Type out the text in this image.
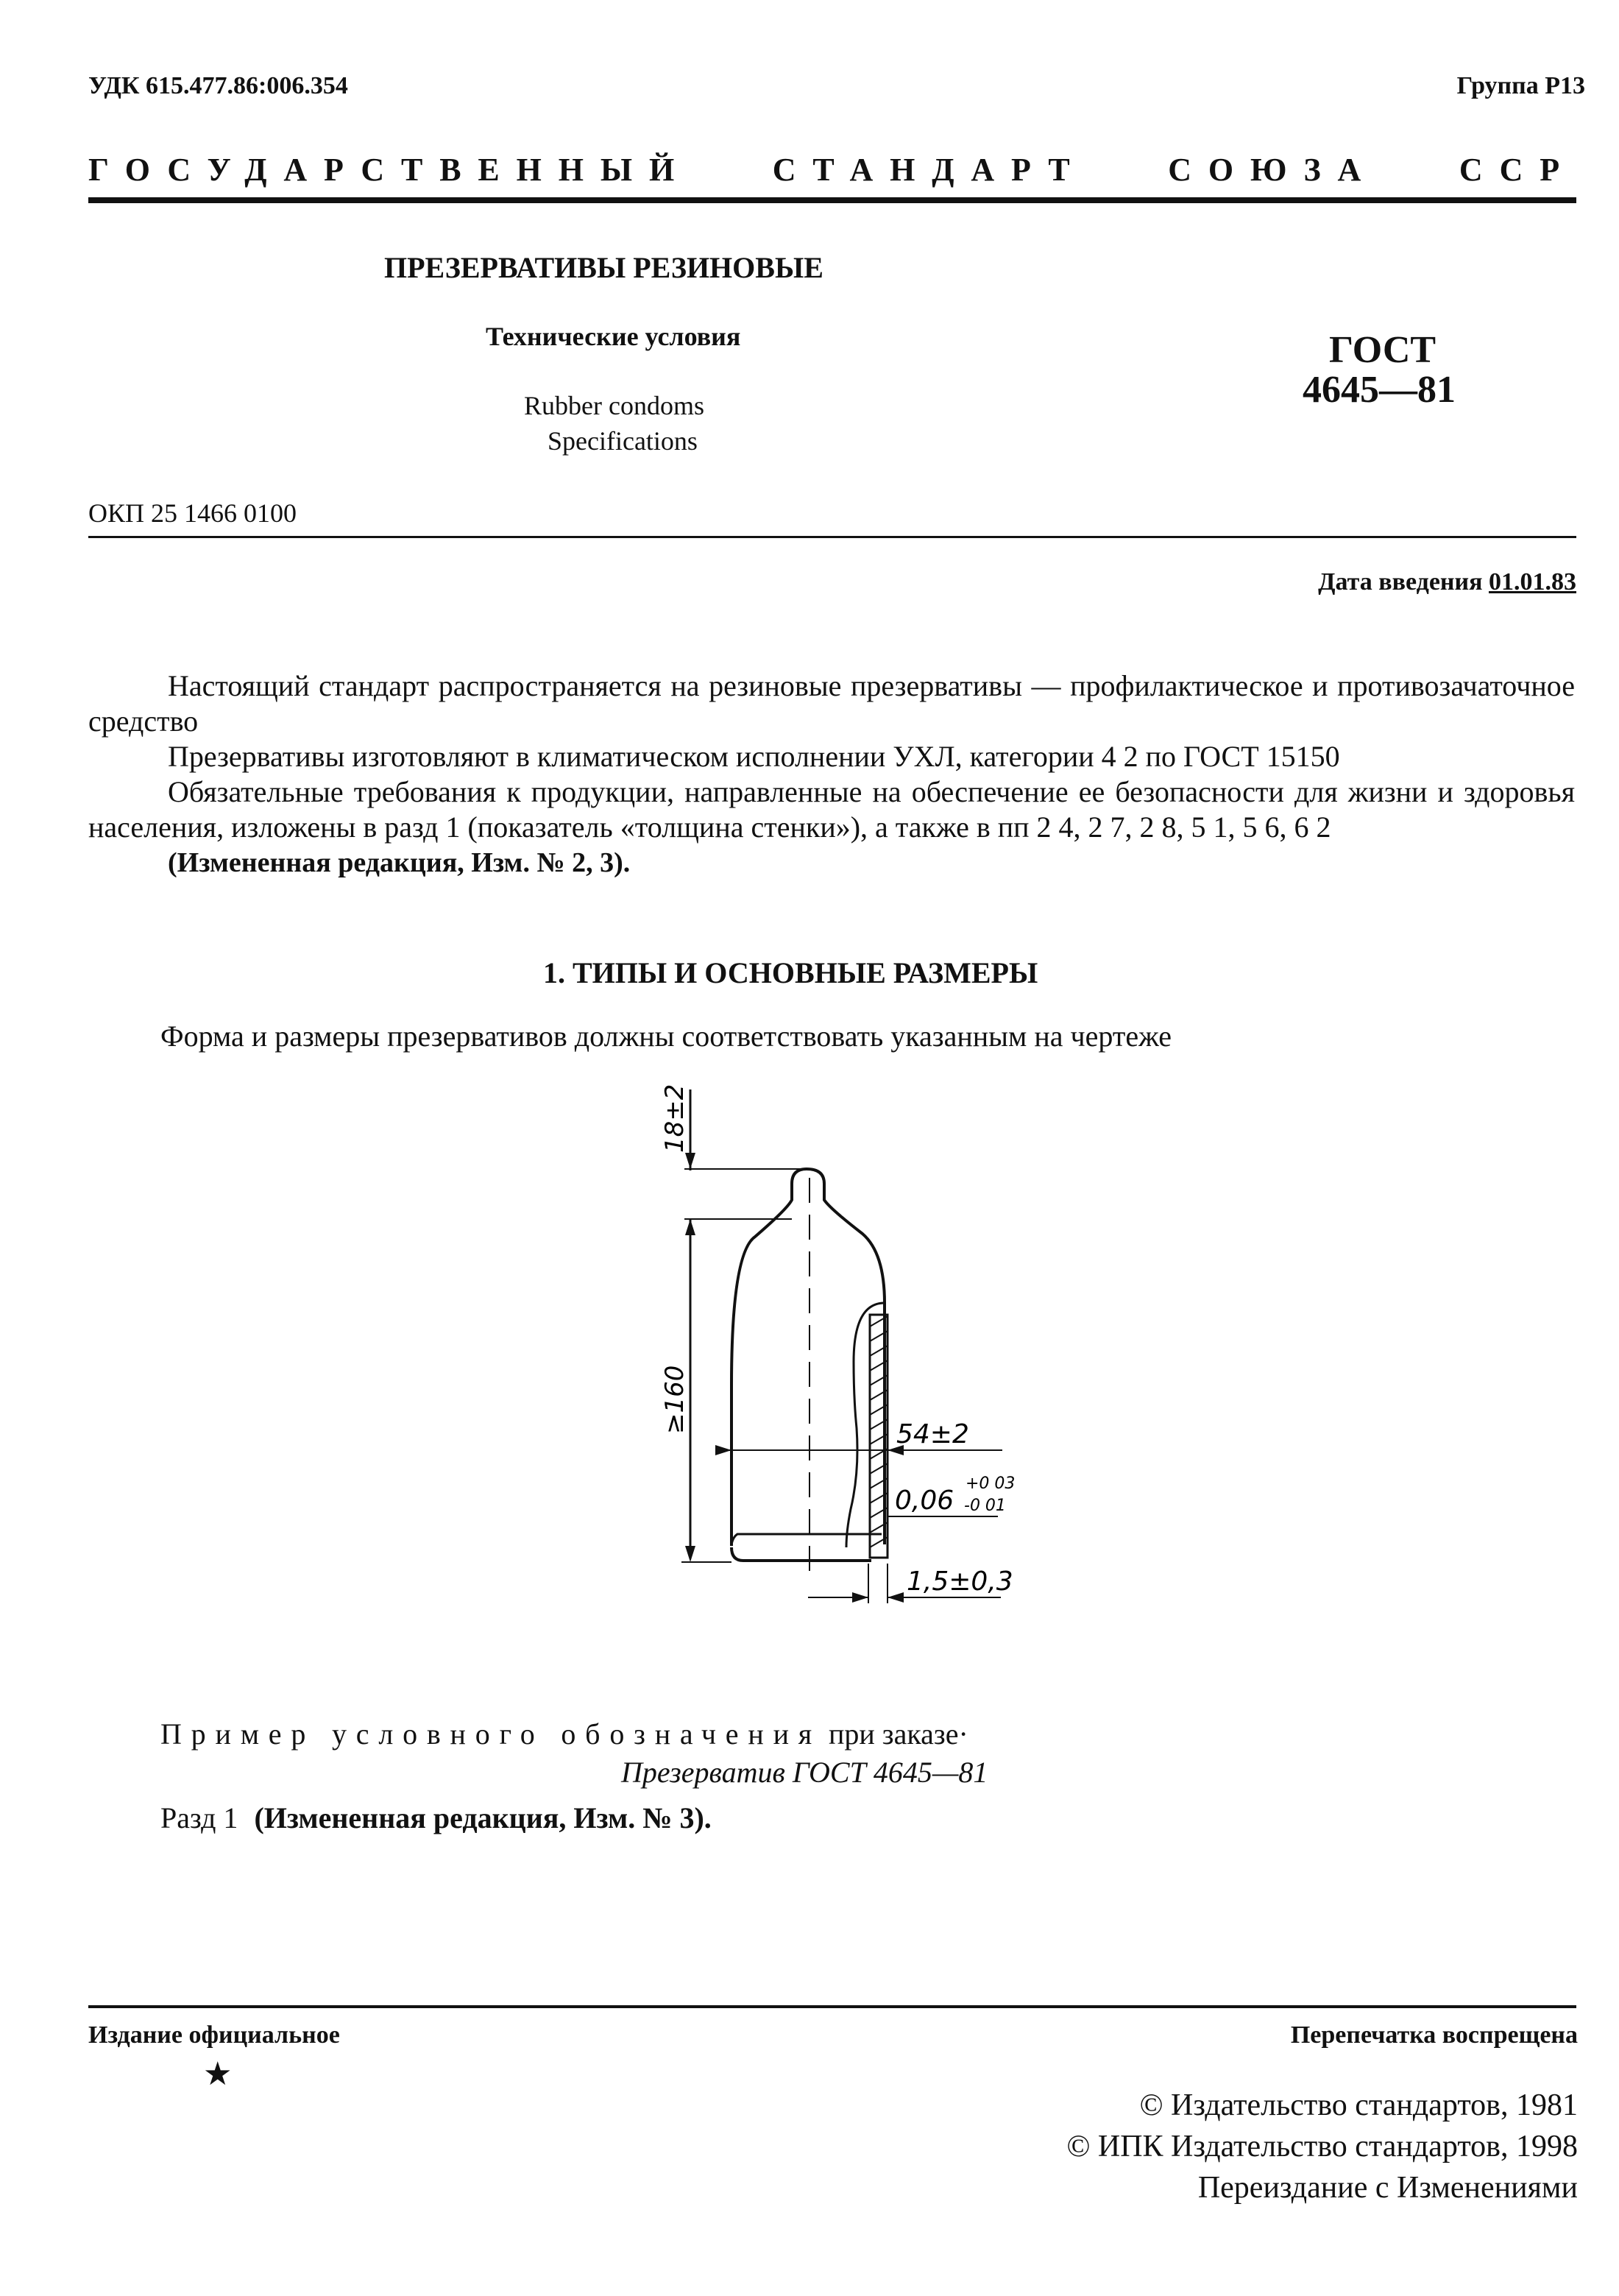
УДК 615.477.86:006.354	Группа Р13
ГОСУДАРСТВЕННЫЙ СТАНДАРТ СОЮЗА ССР
ПРЕЗЕРВАТИВЫ РЕЗИНОВЫЕ
Технические условия
Rubber condoms
Specifications
ГОСТ
4645—81
ОКП 25 1466 0100
Дата введения 01.01.83

Настоящий стандарт распространяется на резиновые презервативы — профилактическое и противозачаточное средство

Презервативы изготовляют в климатическом исполнении УХЛ, категории 4 2 по ГОСТ 15150

Обязательные требования к продукции, направленные на обеспечение ее безопасности для жизни и здоровья населения, изложены в разд 1 (показатель «толщина стенки»), а также в пп 2 4, 2 7, 2 8, 5 1, 5 6, 6 2

(Измененная редакция, Изм. № 2, 3).

1. ТИПЫ И ОСНОВНЫЕ РАЗМЕРЫ
Форма и размеры презервативов должны соответствовать указанным на чертеже
18±2
≥160
54±2
0,06
+0 03
-0 01
1,5±0,3
Пример условного обозначения при заказе·
Презерватив ГОСТ 4645—81
Разд 1 (Измененная редакция, Изм. № 3).
Издание официальное	Перепечатка воспрещена
★
© Издательство стандартов, 1981
© ИПК Издательство стандартов, 1998
Переиздание с Изменениями
